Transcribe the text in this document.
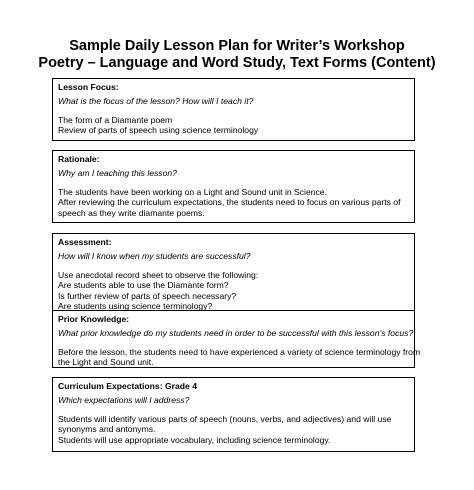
Sample Daily Lesson Plan for Writer’s Workshop
Poetry – Language and Word Study, Text Forms (Content)
Lesson Focus:
What is the focus of the lesson? How will I teach it?
The form of a Diamante poem
Review of parts of speech using science terminology
Rationale:
Why am I teaching this lesson?
The students have been working on a Light and Sound unit in Science.
After reviewing the curriculum expectations, the students need to focus on various parts of
speech as they write diamante poems.
Assessment:
How will I know when my students are successful?
Use anecdotal record sheet to observe the following:
Are students able to use the Diamante form?
Is further review of parts of speech necessary?
Are students using science terminology?
Prior Knowledge:
What prior knowledge do my students need in order to be successful with this lesson’s focus?
Before the lesson, the students need to have experienced a variety of science terminology from
the Light and Sound unit.
Curriculum Expectations: Grade 4
Which expectations will I address?
Students will identify various parts of speech (nouns, verbs, and adjectives) and will use
synonyms and antonyms.
Students will use appropriate vocabulary, including science terminology.
